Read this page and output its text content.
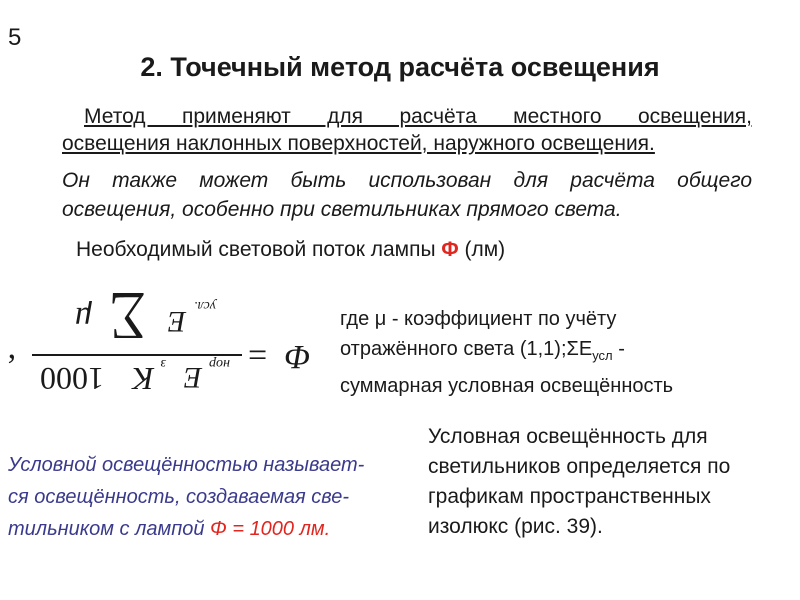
5
2. Точечный метод расчёта освещения
Метод применяют для расчёта местного освещения,
освещения наклонных поверхностей, наружного освещения.
Он также может быть использован для расчёта общего
освещения, особенно при светильниках прямого света.
Необходимый световой поток лампы Φ (лм)
‚
μ ∑ E усл.
1000 K з E нор = Φ
где μ - коэффициент по учёту
отражённого света $(1,1);\Sigma E_{усл}$ -
суммарная условная освещённость
Условной освещённостью называет-
ся освещённость, создаваемая све-
тильником с лампой Φ = 1000 лм.
Условная освещённость для
светильников определяется по
графикам пространственных
изолюкс (рис. 39).
